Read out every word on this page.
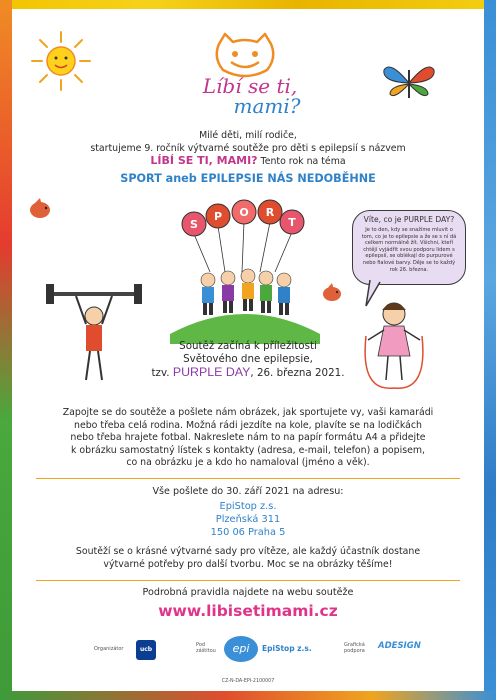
Líbí se ti,
mami?
Milé děti, milí rodiče,
startujeme 9. ročník výtvarné soutěže pro děti s epilepsií s názvem
LÍBÍ SE TI, MAMI? Tento rok na téma
SPORT aneb EPILEPSIE NÁS NEDOBĚHNE
S
P O R
T	Víte, co je PURPLE DAY?
Je to den, kdy se snažíme mluvit o tom, co je to epilepsie a že se s ní dá celkem normálně žít. Všichni, kteří chtějí vyjádřit svou podporu lidem s epilepsií, se oblékají do purpurové nebo fialové barvy. Děje se to každý rok 26. března.
Soutěž začíná k příležitosti
Světového dne epilepsie,
tzv. PURPLE DAY, 26. března 2021.
Zapojte se do soutěže a pošlete nám obrázek, jak sportujete vy, vaši kamarádi
nebo třeba celá rodina. Možná rádi jezdíte na kole, plavíte se na lodičkách
nebo třeba hrajete fotbal. Nakreslete nám to na papír formátu A4 a přidejte
k obrázku samostatný lístek s kontakty (adresa, e-mail, telefon) a popisem,
co na obrázku je a kdo ho namaloval (jméno a věk).
Vše pošlete do 30. září 2021 na adresu:
EpiStop z.s.
Plzeňská 311
150 06 Praha 5
Soutěží se o krásné výtvarné sady pro vítěze, ale každý účastník dostane
výtvarné potřeby pro další tvorbu. Moc se na obrázky těšíme!
Podrobná pravidla najdete na webu soutěže
www.libisetimami.cz
Organizátor	ucb
Pod záštitou	epi	EpiStop z.s.	Grafická podpora	ADESIGN
CZ-N-DA-EPI-2100007
